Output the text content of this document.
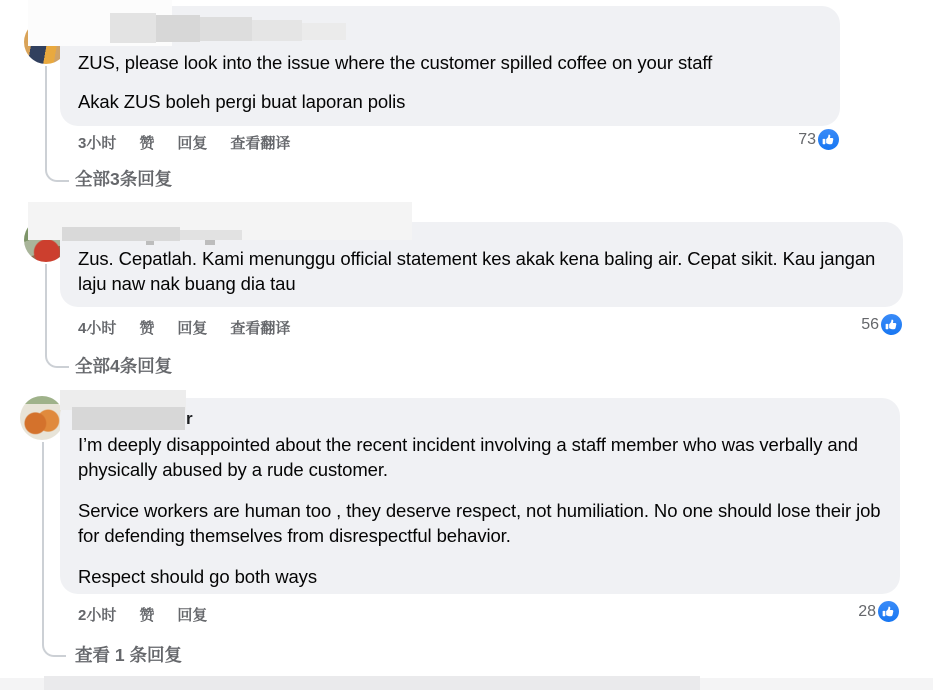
ZUS, please look into the issue where the customer spilled coffee on your staff

Akak ZUS boleh pergi buat laporan polis

3小时 赞 回复 查看翻译	73
全部3条回复

Zus. Cepatlah. Kami menunggu official statement kes akak kena baling air. Cepat sikit. Kau jangan laju naw nak buang dia tau

4小时 赞 回复 查看翻译	56
全部4条回复
r

I’m deeply disappointed about the recent incident involving a staff member who was verbally and physically abused by a rude customer.

Service workers are human too , they deserve respect, not humiliation. No one should lose their job for defending themselves from disrespectful behavior.

Respect should go both ways

2小时 赞 回复	28
查看 1 条回复
